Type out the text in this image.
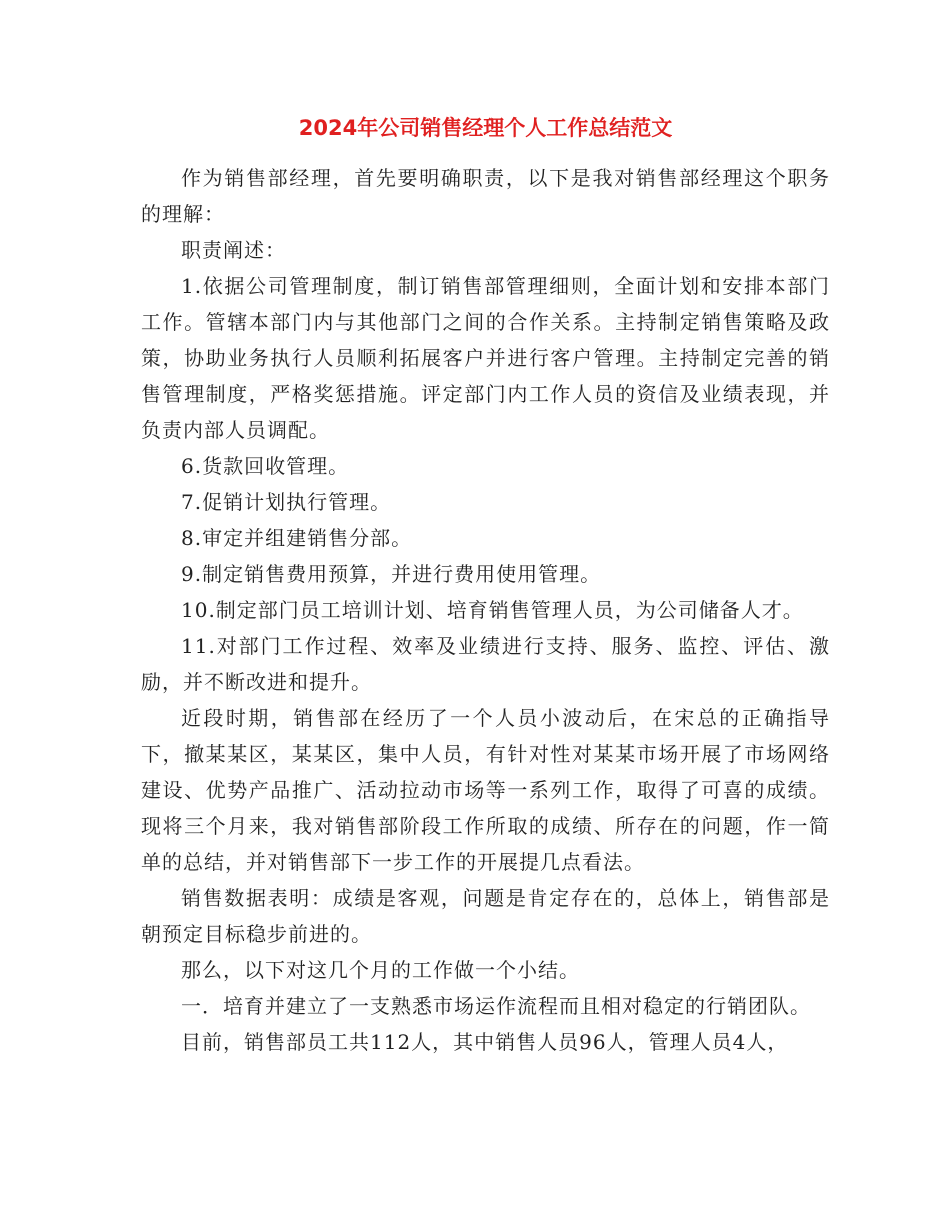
2024年公司销售经理个人工作总结范文

作为销售部经理，首先要明确职责，以下是我对销售部经理这个职务的理解：

职责阐述：

1.依据公司管理制度，制订销售部管理细则，全面计划和安排本部门工作。管辖本部门内与其他部门之间的合作关系。主持制定销售策略及政策，协助业务执行人员顺利拓展客户并进行客户管理。主持制定完善的销售管理制度，严格奖惩措施。评定部门内工作人员的资信及业绩表现，并负责内部人员调配。

6.货款回收管理。

7.促销计划执行管理。

8.审定并组建销售分部。

9.制定销售费用预算，并进行费用使用管理。

10.制定部门员工培训计划、培育销售管理人员，为公司储备人才。

11.对部门工作过程、效率及业绩进行支持、服务、监控、评估、激励，并不断改进和提升。

近段时期，销售部在经历了一个人员小波动后，在宋总的正确指导下，撤某某区，某某区，集中人员，有针对性对某某市场开展了市场网络建设、优势产品推广、活动拉动市场等一系列工作，取得了可喜的成绩。现将三个月来，我对销售部阶段工作所取的成绩、所存在的问题，作一简单的总结，并对销售部下一步工作的开展提几点看法。

销售数据表明：成绩是客观，问题是肯定存在的，总体上，销售部是朝预定目标稳步前进的。

那么，以下对这几个月的工作做一个小结。

一．培育并建立了一支熟悉市场运作流程而且相对稳定的行销团队。

目前，销售部员工共112人，其中销售人员96人，管理人员4人，
